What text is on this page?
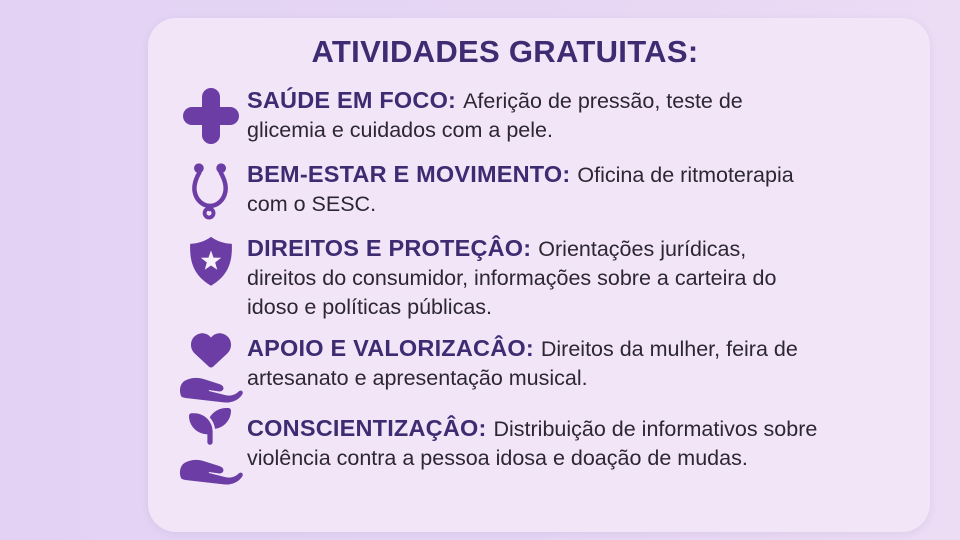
ATIVIDADES GRATUITAS:

SAÚDE EM FOCO: Aferição de pressão, teste de glicemia e cuidados com a pele.

BEM-ESTAR E MOVIMENTO: Oficina de ritmoterapia com o SESC.

DIREITOS E PROTEÇÂO: Orientações jurídicas, direitos do consumidor, informações sobre a carteira do idoso e políticas públicas.

APOIO E VALORIZACÂO: Direitos da mulher, feira de artesanato e apresentação musical.

CONSCIENTIZAÇÂO: Distribuição de informativos sobre violência contra a pessoa idosa e doação de mudas.
